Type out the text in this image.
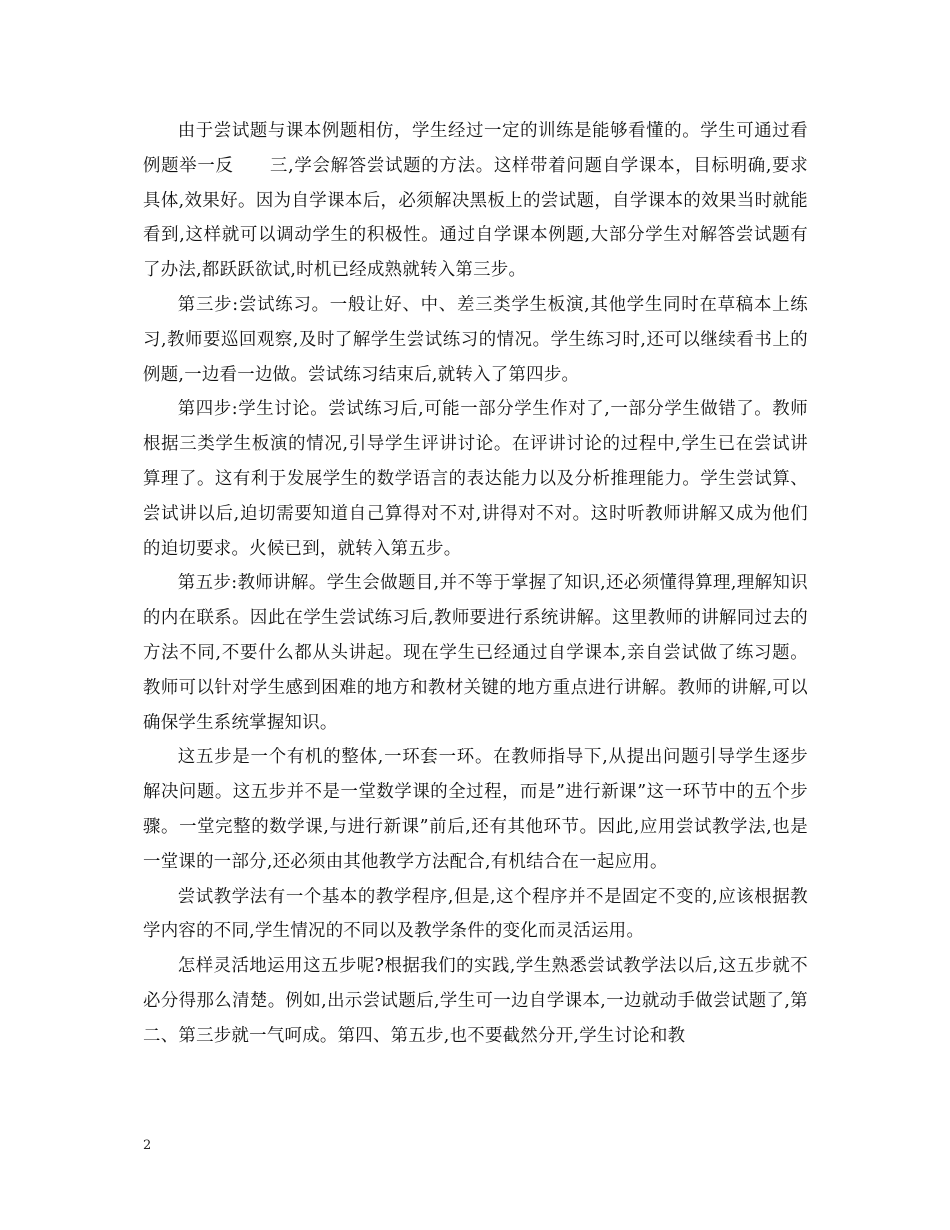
由于尝试题与课本例题相仿，学生经过一定的训练是能够看懂的。学生可通过看例题举一反　　三,学会解答尝试题的方法。这样带着问题自学课本，目标明确,要求具体,效果好。因为自学课本后，必须解决黑板上的尝试题，自学课本的效果当时就能看到,这样就可以调动学生的积极性。通过自学课本例题,大部分学生对解答尝试题有了办法,都跃跃欲试,时机已经成熟就转入第三步。

第三步:尝试练习。一般让好、中、差三类学生板演,其他学生同时在草稿本上练习,教师要巡回观察,及时了解学生尝试练习的情况。学生练习时,还可以继续看书上的例题,一边看一边做。尝试练习结束后,就转入了第四步。

第四步:学生讨论。尝试练习后,可能一部分学生作对了,一部分学生做错了。教师根据三类学生板演的情况,引导学生评讲讨论。在评讲讨论的过程中,学生已在尝试讲算理了。这有利于发展学生的数学语言的表达能力以及分析推理能力。学生尝试算、尝试讲以后,迫切需要知道自己算得对不对,讲得对不对。这时听教师讲解又成为他们的迫切要求。火候已到，就转入第五步。

第五步:教师讲解。学生会做题目,并不等于掌握了知识,还必须懂得算理,理解知识的内在联系。因此在学生尝试练习后,教师要进行系统讲解。这里教师的讲解同过去的方法不同,不要什么都从头讲起。现在学生已经通过自学课本,亲自尝试做了练习题。教师可以针对学生感到困难的地方和教材关键的地方重点进行讲解。教师的讲解,可以确保学生系统掌握知识。

这五步是一个有机的整体,一环套一环。在教师指导下,从提出问题引导学生逐步解决问题。这五步并不是一堂数学课的全过程，而是”进行新课”这一环节中的五个步骤。一堂完整的数学课,与进行新课”前后,还有其他环节。因此,应用尝试教学法,也是一堂课的一部分,还必须由其他教学方法配合,有机结合在一起应用。

尝试教学法有一个基本的教学程序,但是,这个程序并不是固定不变的,应该根据教学内容的不同,学生情况的不同以及教学条件的变化而灵活运用。

怎样灵活地运用这五步呢?根据我们的实践,学生熟悉尝试教学法以后,这五步就不必分得那么清楚。例如,出示尝试题后,学生可一边自学课本,一边就动手做尝试题了,第二、第三步就一气呵成。第四、第五步,也不要截然分开,学生讨论和教

2
